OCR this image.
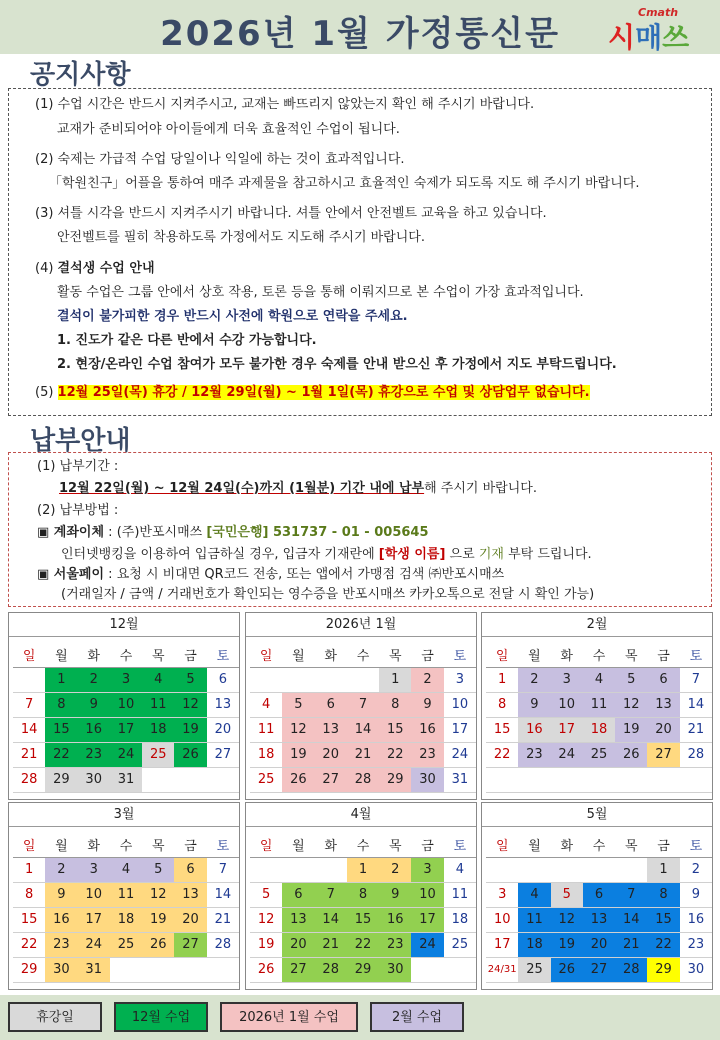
2026년 1월 가정통신문
Cmath
시매쓰
공지사항
(1) 수업 시간은 반드시 지켜주시고, 교재는 빠뜨리지 않았는지 확인 해 주시기 바랍니다.
교재가 준비되어야 아이들에게 더욱 효율적인 수업이 됩니다.
(2) 숙제는 가급적 수업 당일이나 익일에 하는 것이 효과적입니다.
「학원친구」어플을 통하여 매주 과제물을 참고하시고 효율적인 숙제가 되도록 지도 해 주시기 바랍니다.
(3) 셔틀 시각을 반드시 지켜주시기 바랍니다. 셔틀 안에서 안전벨트 교육을 하고 있습니다.
안전벨트를 필히 착용하도록 가정에서도 지도해 주시기 바랍니다.
(4) 결석생 수업 안내
활동 수업은 그룹 안에서 상호 작용, 토론 등을 통해 이뤄지므로 본 수업이 가장 효과적입니다.
결석이 불가피한 경우 반드시 사전에 학원으로 연락을 주세요.
1. 진도가 같은 다른 반에서 수강 가능합니다.
2. 현장/온라인 수업 참여가 모두 불가한 경우 숙제를 안내 받으신 후 가정에서 지도 부탁드립니다.
(5) 12월 25일(목) 휴강 / 12월 29일(월) ~ 1월 1일(목) 휴강으로 수업 및 상담업무 없습니다.
납부안내
(1) 납부기간 :
12월 22일(월) ~ 12월 24일(수)까지 (1월분) 기간 내에 납부해 주시기 바랍니다.
(2) 납부방법 :
▣ 계좌이체 : (주)반포시매쓰 [국민은행] 531737 - 01 - 005645
인터넷뱅킹을 이용하여 입금하실 경우, 입금자 기재란에 [학생 이름] 으로 기재 부탁 드립니다.
▣ 서울페이 : 요청 시 비대면 QR코드 전송, 또는 앱에서 가맹점 검색 ㈜반포시매쓰
(거래일자 / 금액 / 거래번호가 확인되는 영수증을 반포시매쓰 카카오톡으로 전달 시 확인 가능)
12월
일	월	화	수	목	금	토
	1	2	3	4	5	6
7	8	9	10	11	12	13
14	15	16	17	18	19	20
21	22	23	24	25	26	27
28	29	30	31			
2026년 1월
일	월	화	수	목	금	토
				1	2	3
4	5	6	7	8	9	10
11	12	13	14	15	16	17
18	19	20	21	22	23	24
25	26	27	28	29	30	31
2월
일	월	화	수	목	금	토
1	2	3	4	5	6	7
8	9	10	11	12	13	14
15	16	17	18	19	20	21
22	23	24	25	26	27	28

3월
일	월	화	수	목	금	토
1	2	3	4	5	6	7
8	9	10	11	12	13	14
15	16	17	18	19	20	21
22	23	24	25	26	27	28
29	30	31				
4월
일	월	화	수	목	금	토
			1	2	3	4
5	6	7	8	9	10	11
12	13	14	15	16	17	18
19	20	21	22	23	24	25
26	27	28	29	30		
5월
일	월	화	수	목	금	토
					1	2
3	4	5	6	7	8	9
10	11	12	13	14	15	16
17	18	19	20	21	22	23
24/31	25	26	27	28	29	30
휴강일	12월 수업	2026년 1월 수업	2월 수업
